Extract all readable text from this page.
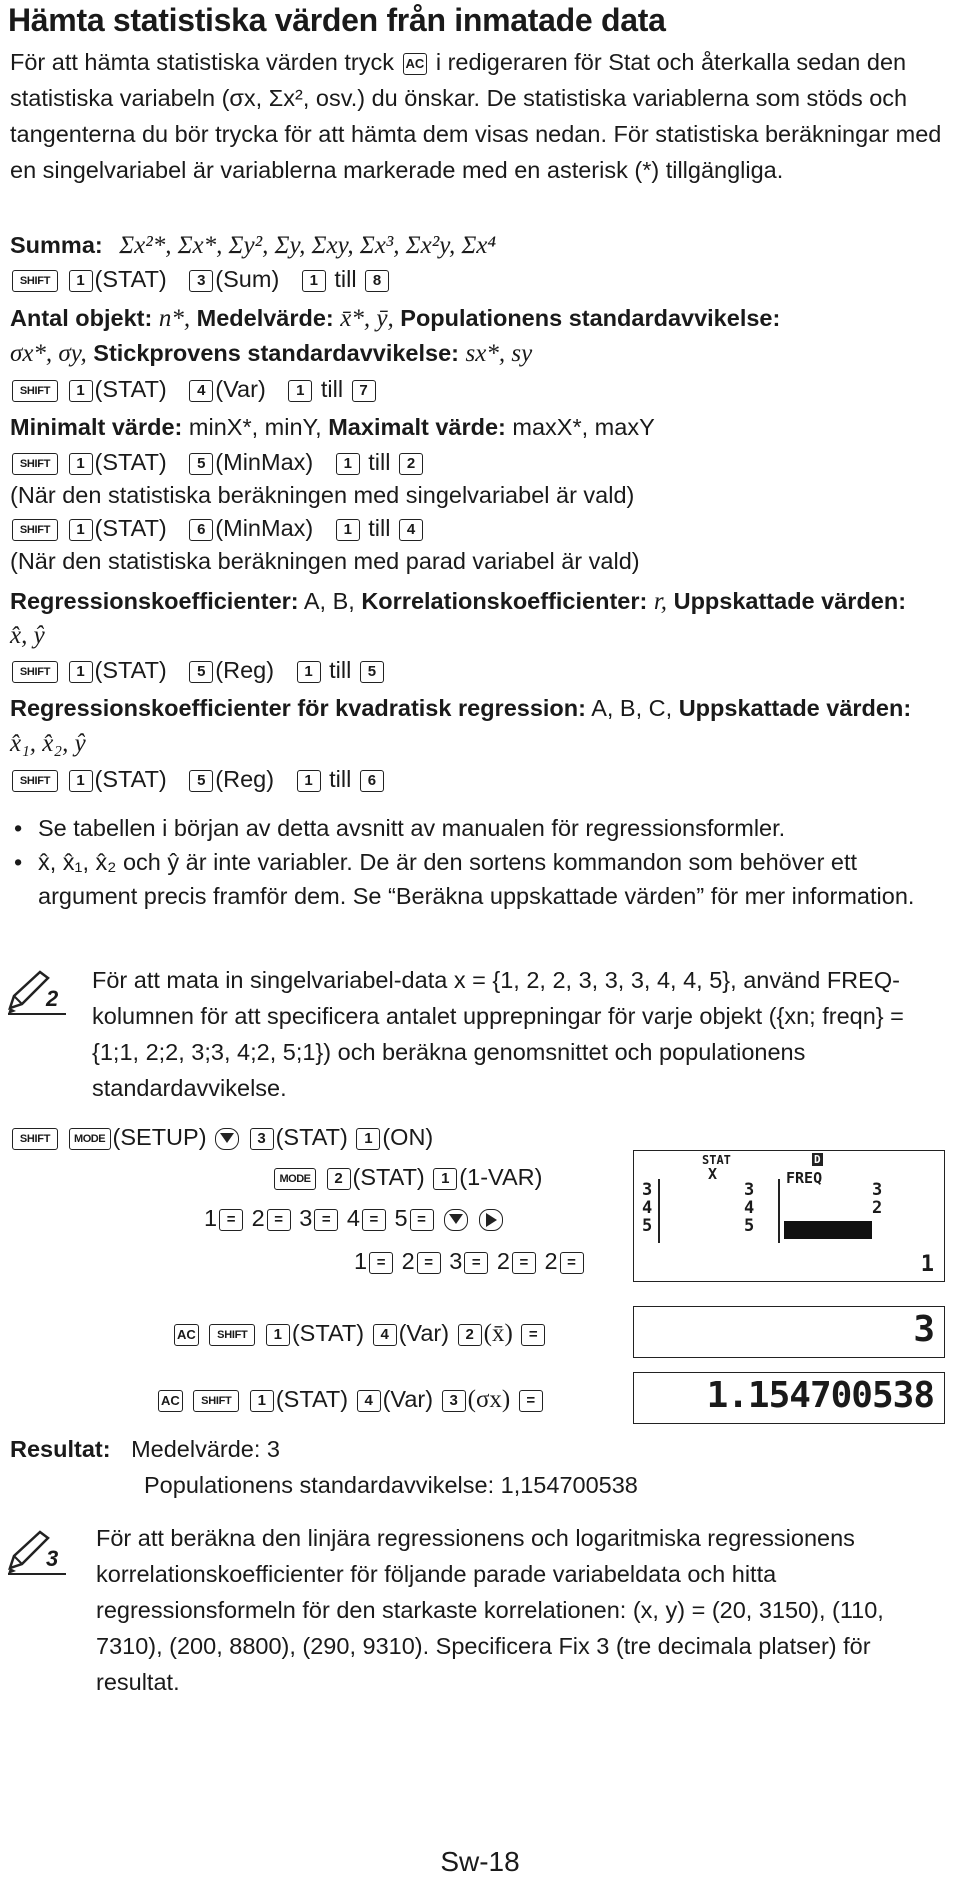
Hämta statistiska värden från inmatade data
För att hämta statistiska värden tryck AC i redigeraren för Stat och återkalla sedan den statistiska variabeln (σx, Σx², osv.) du önskar. De statistiska variablerna som stöds och tangenterna du bör trycka för att hämta dem visas nedan. För statistiska beräkningar med en singelvariabel är variablerna markerade med en asterisk (*) tillgängliga.
Summa: Σx²*, Σx*, Σy², Σy, Σxy, Σx³, Σx²y, Σx⁴
SHIFT 1 (STAT) 3 (Sum) 1 till 8
Antal objekt: n*, Medelvärde: x̄*, ȳ, Populationens standardavvikelse:
σx*, σy, Stickprovens standardavvikelse: sx*, sy
SHIFT 1 (STAT) 4 (Var) 1 till 7
Minimalt värde: minX*, minY, Maximalt värde: maxX*, maxY
SHIFT 1 (STAT) 5 (MinMax) 1 till 2
(När den statistiska beräkningen med singelvariabel är vald)
SHIFT 1 (STAT) 6 (MinMax) 1 till 4
(När den statistiska beräkningen med parad variabel är vald)
Regressionskoefficienter: A, B, Korrelationskoefficienter: r, Uppskattade värden:
x̂, ŷ
SHIFT 1 (STAT) 5 (Reg) 1 till 5
Regressionskoefficienter för kvadratisk regression: A, B, C, Uppskattade värden:
x̂₁, x̂₂, ŷ
SHIFT 1 (STAT) 5 (Reg) 1 till 6
• Se tabellen i början av detta avsnitt av manualen för regressionsformler.
• x̂, x̂₁, x̂₂ och ŷ är inte variabler. De är den sortens kommandon som behöver ett argument precis framför dem. Se “Beräkna uppskattade värden” för mer information.
2
För att mata in singelvariabel-data x = {1, 2, 2, 3, 3, 3, 4, 4, 5}, använd FREQ-kolumnen för att specificera antalet upprepningar för varje objekt ({xn; freqn} = {1;1, 2;2, 3;3, 4;2, 5;1}) och beräkna genomsnittet och populationens standardavvikelse.
SHIFT MODE (SETUP)	3 (STAT) 1 (ON)
MODE 2 (STAT) 1 (1-VAR)
1 = 2 = 3 = 4 = 5 =

1 = 2 = 3 = 2 = 2 =
STAT	D
X	FREQ
3
4
5
3
4
5
3
2
1
AC SHIFT 1 (STAT) 4 (Var) 2 (x̄) =	3
AC SHIFT 1 (STAT) 4 (Var) 3 (σx) =	1.154700538
Resultat: Medelvärde: 3
Populationens standardavvikelse: 1,154700538
3
För att beräkna den linjära regressionens och logaritmiska regressionens korrelationskoefficienter för följande parade variabeldata och hitta regressionsformeln för den starkaste korrelationen: (x, y) = (20, 3150), (110, 7310), (200, 8800), (290, 9310). Specificera Fix 3 (tre decimala platser) för resultat.
Sw-18
